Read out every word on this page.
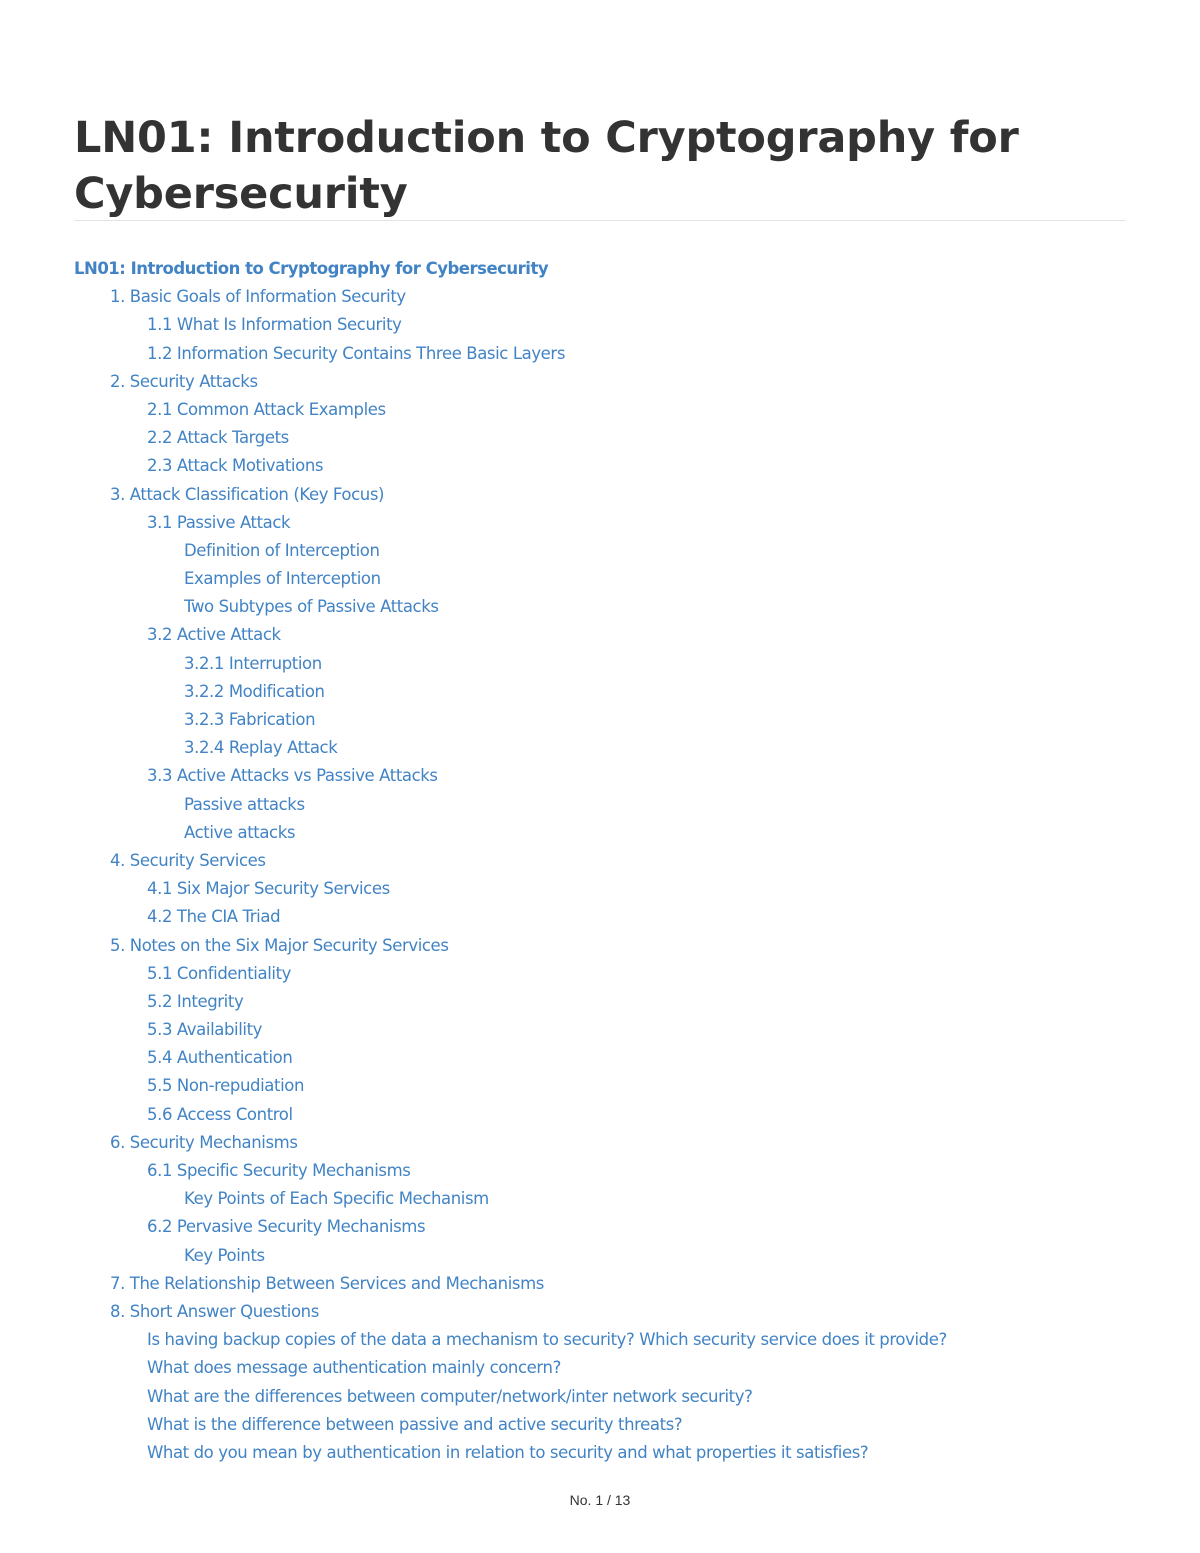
LN01: Introduction to Cryptography for Cybersecurity
LN01: Introduction to Cryptography for Cybersecurity
1. Basic Goals of Information Security
1.1 What Is Information Security
1.2 Information Security Contains Three Basic Layers
2. Security Attacks
2.1 Common Attack Examples
2.2 Attack Targets
2.3 Attack Motivations
3. Attack Classification (Key Focus)
3.1 Passive Attack
Definition of Interception
Examples of Interception
Two Subtypes of Passive Attacks
3.2 Active Attack
3.2.1 Interruption
3.2.2 Modification
3.2.3 Fabrication
3.2.4 Replay Attack
3.3 Active Attacks vs Passive Attacks
Passive attacks
Active attacks
4. Security Services
4.1 Six Major Security Services
4.2 The CIA Triad
5. Notes on the Six Major Security Services
5.1 Confidentiality
5.2 Integrity
5.3 Availability
5.4 Authentication
5.5 Non-repudiation
5.6 Access Control
6. Security Mechanisms
6.1 Specific Security Mechanisms
Key Points of Each Specific Mechanism
6.2 Pervasive Security Mechanisms
Key Points
7. The Relationship Between Services and Mechanisms
8. Short Answer Questions
Is having backup copies of the data a mechanism to security? Which security service does it provide?
What does message authentication mainly concern?
What are the differences between computer/network/inter network security?
What is the difference between passive and active security threats?
What do you mean by authentication in relation to security and what properties it satisfies?
No. 1 / 13
